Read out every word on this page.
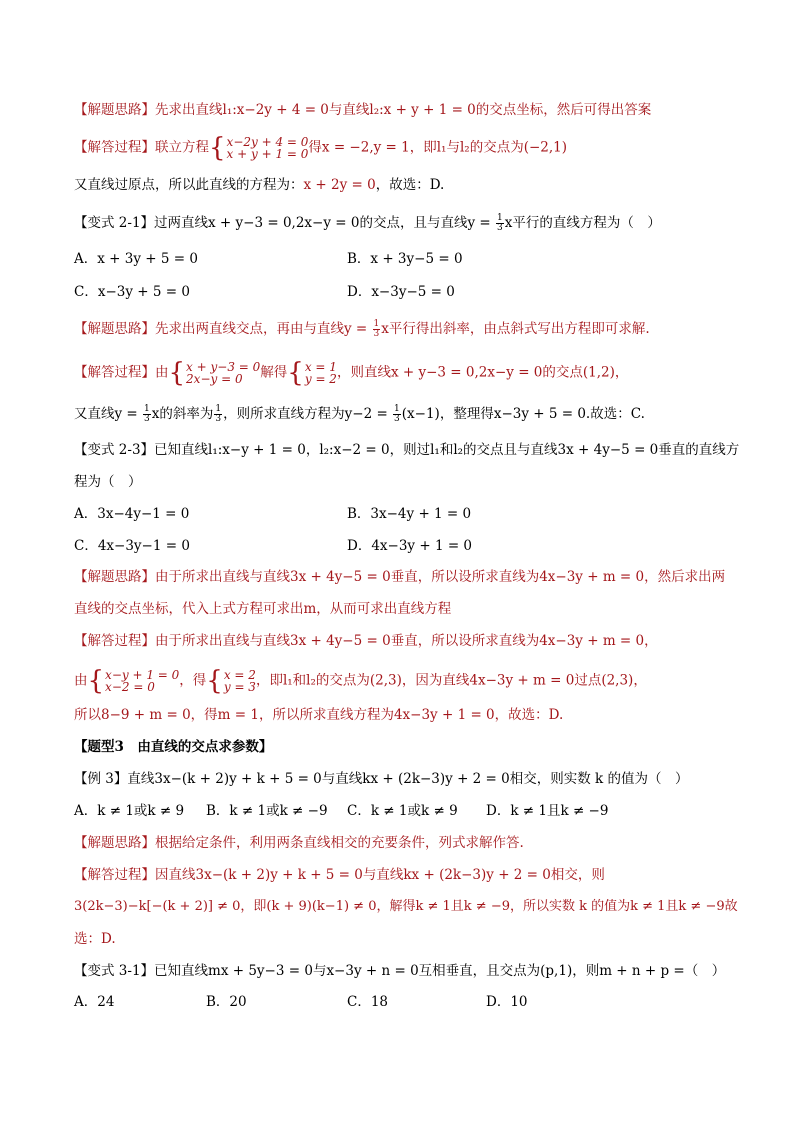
【解题思路】先求出直线l₁:x−2y + 4 = 0与直线l₂:x + y + 1 = 0的交点坐标，然后可得出答案
【解答过程】联立方程 { x−2y + 4 = 0
x + y + 1 = 0 得x = −2,y = 1，即l₁与l₂的交点为(−2,1)
又直线过原点，所以此直线的方程为：x + 2y = 0，故选：D.
【变式 2-1】过两直线x + y−3 = 0,2x−y = 0的交点，且与直线$y = \frac{1}{3}$ x平行的直线方程为（　）
A．x + 3y + 5 = 0	B．x + 3y−5 = 0
C．x−3y + 5 = 0	D．x−3y−5 = 0
【解题思路】先求出两直线交点，再由与直线$y = \frac{1}{3}$ x平行得出斜率，由点斜式写出方程即可求解.
【解答过程】由 { x + y−3 = 0
2x−y = 0	解得 { x = 1
y = 2 ，则直线x + y−3 = 0,2x−y = 0的交点(1,2)，
又直线$y = \frac{1}{3}$ x的斜率为 $\frac{1}{3}$ ，则所求直线方程为$y-2 = \frac{1}{3} (x-1)$，整理得x−3y + 5 = 0.故选：C.
【变式 2-3】已知直线l₁:x−y + 1 = 0，l₂:x−2 = 0，则过l₁和l₂的交点且与直线3x + 4y−5 = 0垂直的直线方
程为（　）
A．3x−4y−1 = 0	B．3x−4y + 1 = 0
C．4x−3y−1 = 0	D．4x−3y + 1 = 0
【解题思路】由于所求出直线与直线3x + 4y−5 = 0垂直，所以设所求直线为4x−3y + m = 0，然后求出两
直线的交点坐标，代入上式方程可求出m，从而可求出直线方程
【解答过程】由于所求出直线与直线3x + 4y−5 = 0垂直，所以设所求直线为4x−3y + m = 0，
由 { x−y + 1 = 0
x−2 = 0	，得 { x = 2
y = 3 ，即l₁和l₂的交点为(2,3)，因为直线4x−3y + m = 0过点(2,3)，
所以8−9 + m = 0，得m = 1，所以所求直线方程为4x−3y + 1 = 0，故选：D.
【题型3　由直线的交点求参数】
【例 3】直线3x−(k + 2)y + k + 5 = 0与直线kx + (2k−3)y + 2 = 0相交，则实数 k 的值为（　）
A．k ≠ 1或k ≠ 9 B．k ≠ 1或k ≠ −9 C．k ≠ 1或k ≠ 9 D．k ≠ 1且k ≠ −9
【解题思路】根据给定条件，利用两条直线相交的充要条件，列式求解作答.
【解答过程】因直线3x−(k + 2)y + k + 5 = 0与直线kx + (2k−3)y + 2 = 0相交，则
3(2k−3)−k[−(k + 2)] ≠ 0，即(k + 9)(k−1) ≠ 0，解得k ≠ 1且k ≠ −9，所以实数 k 的值为k ≠ 1且k ≠ −9故
选：D.
【变式 3-1】已知直线mx + 5y−3 = 0与x−3y + n = 0互相垂直，且交点为(p,1)，则m + n + p =（　）
A．24	B．20	C．18	D．10
